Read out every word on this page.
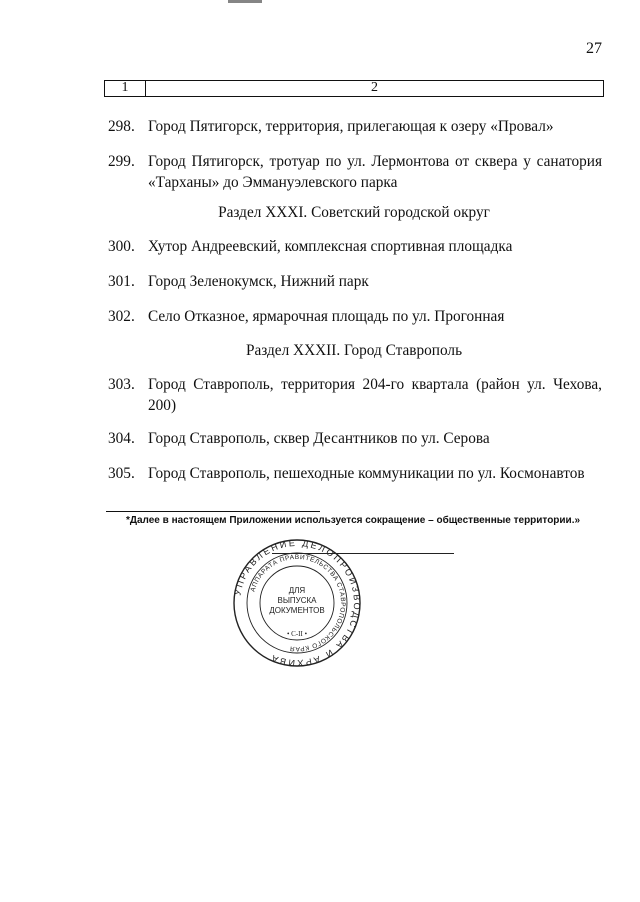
27
1	2
298. Город Пятигорск, территория, прилегающая к озеру «Провал»
299. Город Пятигорск, тротуар по ул. Лермонтова от сквера у санатория «Тарханы» до Эммануэлевского парка
Раздел XXXI. Советский городской округ
300. Хутор Андреевский, комплексная спортивная площадка
301. Город Зеленокумск, Нижний парк
302. Село Отказное, ярмарочная площадь по ул. Прогонная
Раздел XXXII. Город Ставрополь
303. Город Ставрополь, территория 204-го квартала (район ул. Чехова, 200)
304. Город Ставрополь, сквер Десантников по ул. Серова
305. Город Ставрополь, пешеходные коммуникации по ул. Космонавтов
*Далее в настоящем Приложении используется сокращение – общественные территории.»
УПРАВЛЕНИЕ ДЕЛОПРОИЗВОДСТВА И АРХИВА
АППАРАТА ПРАВИТЕЛЬСТВА СТАВРОПОЛЬСКОГО КРАЯ
ДЛЯ
ВЫПУСКА
ДОКУМЕНТОВ
• С-II •
